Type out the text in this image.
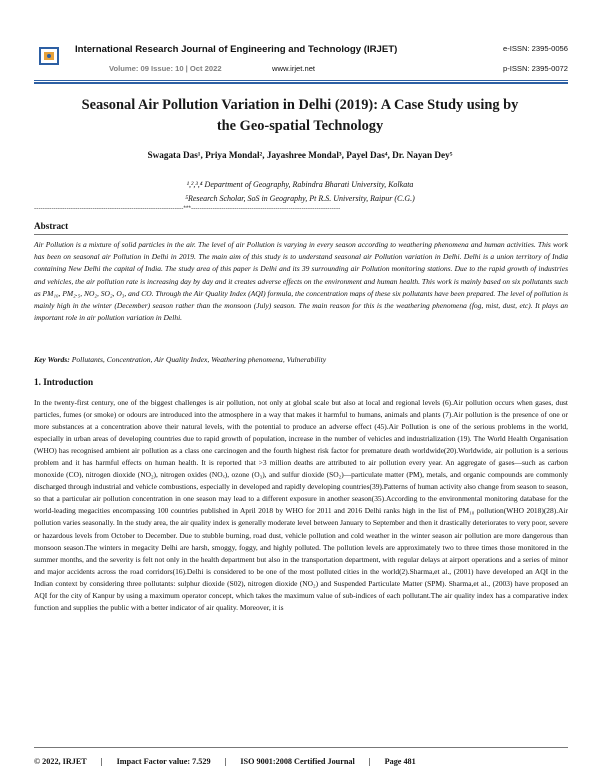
International Research Journal of Engineering and Technology (IRJET)
Volume: 09 Issue: 10 | Oct 2022	www.irjet.net
e-ISSN: 2395-0056
p-ISSN: 2395-0072
Seasonal Air Pollution Variation in Delhi (2019): A Case Study using by
the Geo-spatial Technology
Swagata Das¹, Priya Mondal², Jayashree Mondal³, Payel Das⁴, Dr. Nayan Dey⁵
¹,²,³,⁴ Department of Geography, Rabindra Bharati University, Kolkata
⁵Research Scholar, SoS in Geography, Pt R.S. University, Raipur (C.G.)
---------------------------------------------------------------------***---------------------------------------------------------------------
Abstract
Air Pollution is a mixture of solid particles in the air. The level of air Pollution is varying in every season according to weathering phenomena and human activities. This work has been on seasonal air Pollution in Delhi in 2019. The main aim of this study is to understand seasonal air Pollution variation in Delhi. Delhi is a union territory of India containing New Delhi the capital of India. The study area of this paper is Delhi and its 39 surrounding air Pollution monitoring stations. Due to the rapid growth of industries and vehicles, the air pollution rate is increasing day by day and it creates adverse effects on the environment and human health. This work is mainly based on six pollutants such as PM₁₀, PM₂.₅, NO₂, SO₂, O₃, and CO. Through the Air Quality Index (AQI) formula, the concentration maps of these six pollutants have been prepared. The level of pollution is mainly high in the winter (December) season rather than the monsoon (July) season. The main reason for this is the weathering phenomena (fog, mist, dust, etc). It plays an important role in air pollution variation in Delhi.
Key Words: Pollutants, Concentration, Air Quality Index, Weathering phenomena, Vulnerability
1. Introduction
In the twenty-first century, one of the biggest challenges is air pollution, not only at global scale but also at local and regional levels (6).Air pollution occurs when gases, dust particles, fumes (or smoke) or odours are introduced into the atmosphere in a way that makes it harmful to humans, animals and plants (7).Air pollution is the presence of one or more substances at a concentration above their natural levels, with the potential to produce an adverse effect (45).Air Pollution is one of the serious problems in the world, especially in urban areas of developing countries due to rapid growth of population, increase in the number of vehicles and industrialization (19). The World Health Organisation (WHO) has recognised ambient air pollution as a class one carcinogen and the fourth highest risk factor for premature death worldwide(20).Worldwide, air pollution is a serious problem and it has harmful effects on human health. It is reported that >3 million deaths are attributed to air pollution every year. An aggregate of gases—such as carbon monoxide (CO), nitrogen dioxide (NO₂), nitrogen oxides (NOₓ), ozone (O₃), and sulfur dioxide (SO₂)—particulate matter (PM), metals, and organic compounds are commonly discharged through industrial and vehicle combustions, especially in developed and rapidly developing countries(39).Patterns of human activity also change from season to season, so that a particular air pollution concentration in one season may lead to a different exposure in another season(35).According to the environmental monitoring database for the world-leading megacities encompassing 100 countries published in April 2018 by WHO for 2011 and 2016 Delhi ranks high in the list of PM₁₀ pollution(WHO 2018)(28).Air pollution varies seasonally. In the study area, the air quality index is generally moderate level between January to September and then it drastically deteriorates to very poor, severe or hazardous levels from October to December. Due to stubble burning, road dust, vehicle pollution and cold weather in the winter season air pollution are more dangerous than monsoon season.The winters in megacity Delhi are harsh, smoggy, foggy, and highly polluted. The pollution levels are approximately two to three times those monitored in the summer months, and the severity is felt not only in the health department but also in the transportation department, with regular delays at airport operations and a series of minor and major accidents across the road corridors(16).Delhi is considered to be one of the most polluted cities in the world(2).Sharma,et al., (2001) have developed an AQI in the Indian context by considering three pollutants: sulphur dioxide (S02), nitrogen dioxide (NO₂) and Suspended Particulate Matter (SPM). Sharma,et al., (2003) have proposed an AQI for the city of Kanpur by using a maximum operator concept, which takes the maximum value of sub-indices of each pollutant.The air quality index has a comparative index function and supplies the public with a better indicator of air quality. Moreover, it is
© 2022, IRJET | Impact Factor value: 7.529 | ISO 9001:2008 Certified Journal | Page 481
